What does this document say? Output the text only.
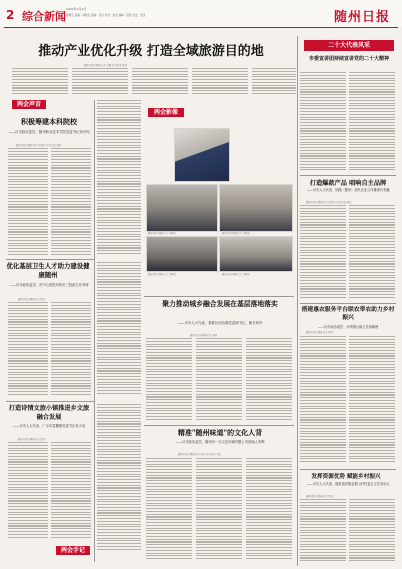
2 综合新闻
2022年3月4日
星期五 责编：杨晓灵 美编：张东 校对：张东 编辑：陆伟 签发：张佳	随州日报
推动产业优化升级 打造全域旅游目的地
随州日报全媒体记者 吴琳 见习记者 张翠
两会声音
积极筹建本科院校
——访市政协委员、随州职业技术学院党委书记刘开均
随州日报全媒体记者 刘洪伟 见习记者 姚娇
两会影像
随州日报全媒体记者 吴琳 摄	随州日报全媒体记者 吴琳 摄
随州日报全媒体记者 吴琳 摄	随州日报全媒体记者 吴琳 摄
二十大代表风采
市委宣讲团持续宣讲党的二十大精神
打造爆款产品 唱响自主品牌
——访市人大代表、国湖（随州）现代农业公司董事长李璐
随州日报全媒体记者 刘洪伟 见习记者 杨文
搭建惠农服务平台联农带农助力乡村振兴
——访市政协委员、市供销社副主任俞朝理
随州日报全媒体记者 蔡沛
发挥资源优势 赋能乡村振兴
——访市人大代表、随县唐县镇金银山村村委会主任刘永红
随州日报全媒体记者 蔡沛
优化基层卫生人才助力建设健康随州
——访市政协委员、市中心医院内科市三院副主任李涛
随州日报全媒体记者 蔡沛
聚力推动城乡融合发展在基层落地落实
——访市人大代表、曾都区何店镇党委副书记、镇长何华
随州日报全媒体记者 刘晴
打造诗情文旅小镇推进乡文旅融合发展
——访市人大代表、广水市葛棚镇党委书记吴小容
随州日报全媒体记者 蔡沛
两会手记
精准"随州味道"的文化人背
——访市政协委员、随州市一点文化传媒有限公司创始人李辉
随州日报全媒体记者 向名 见习记者 王凯
